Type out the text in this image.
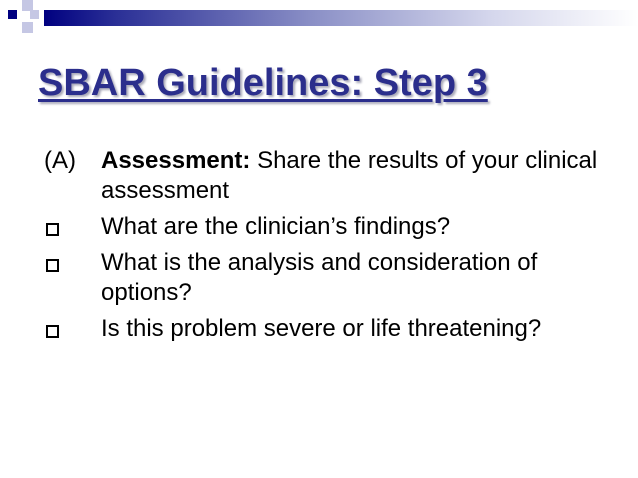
SBAR Guidelines: Step 3
(A)	Assessment: Share the results of your clinical assessment
What are the clinician’s findings?
What is the analysis and consideration of options?
Is this problem severe or life threatening?
